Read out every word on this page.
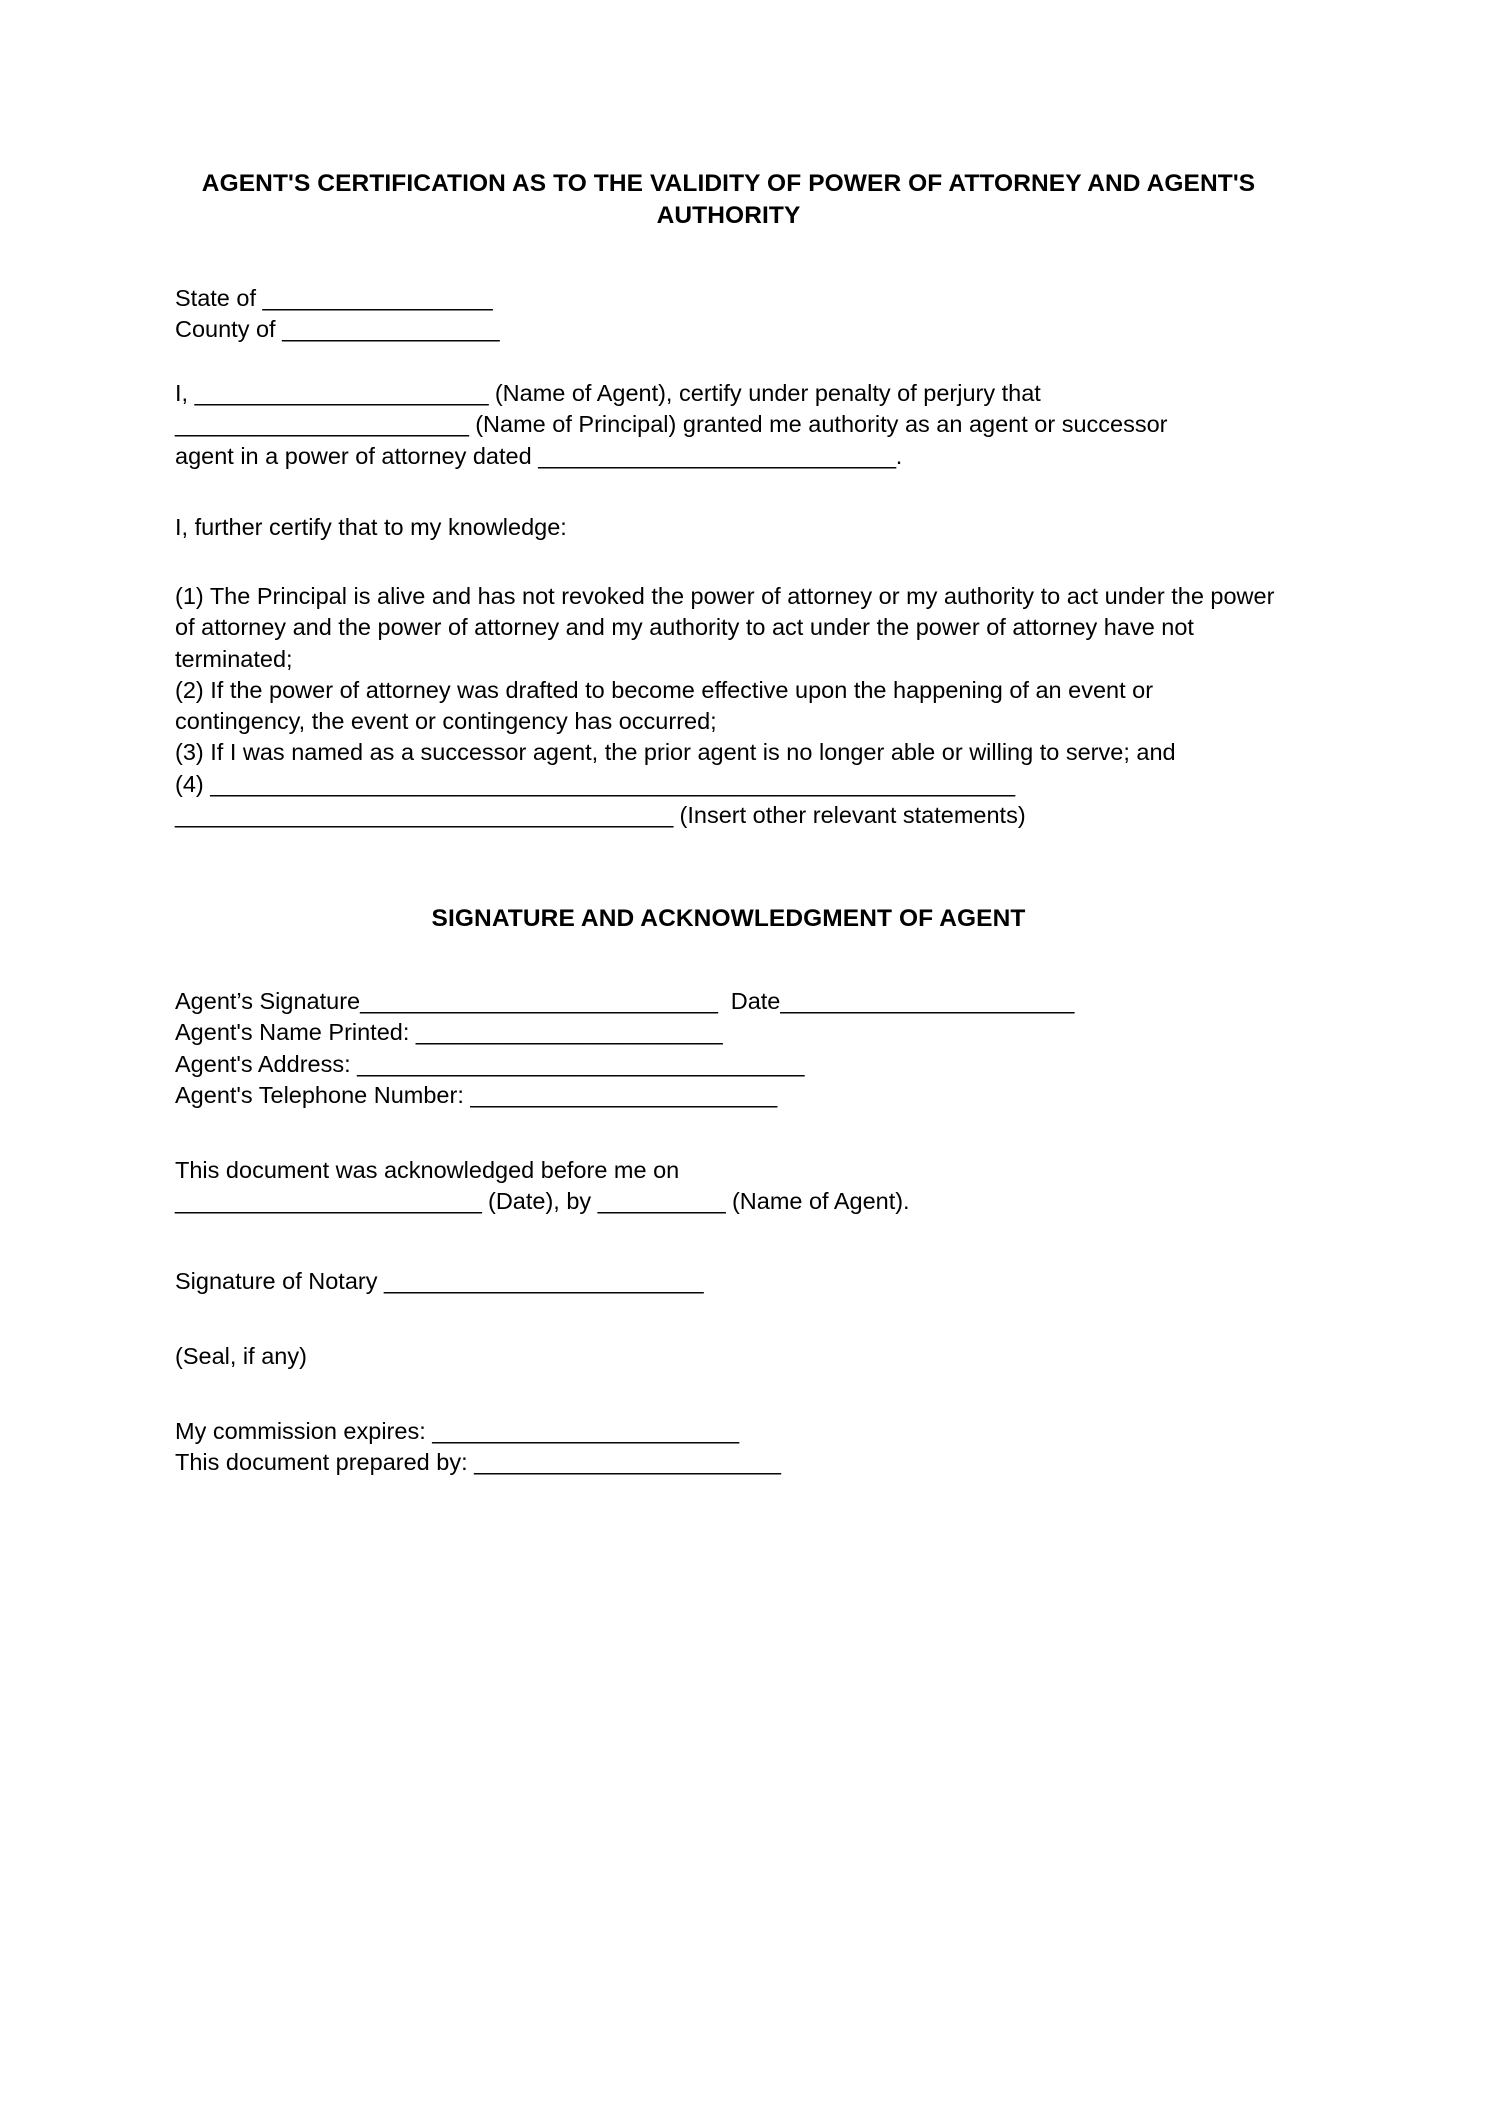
AGENT'S CERTIFICATION AS TO THE VALIDITY OF POWER OF ATTORNEY AND AGENT'S AUTHORITY

State of __________________

County of _________________

I, _______________________ (Name of Agent), certify under penalty of perjury that

_______________________ (Name of Principal) granted me authority as an agent or successor

agent in a power of attorney dated ____________________________.

I, further certify that to my knowledge:

(1) The Principal is alive and has not revoked the power of attorney or my authority to act under the power of attorney and the power of attorney and my authority to act under the power of attorney have not terminated;

(2) If the power of attorney was drafted to become effective upon the happening of an event or contingency, the event or contingency has occurred;

(3) If I was named as a successor agent, the prior agent is no longer able or willing to serve; and

(4) _______________________________________________________________

_______________________________________ (Insert other relevant statements)

SIGNATURE AND ACKNOWLEDGMENT OF AGENT

Agent’s Signature____________________________ Date_______________________

Agent's Name Printed: ________________________

Agent's Address: ___________________________________

Agent's Telephone Number: ________________________

This document was acknowledged before me on

________________________ (Date), by __________ (Name of Agent).

Signature of Notary _________________________

(Seal, if any)

My commission expires: ________________________

This document prepared by: ________________________
